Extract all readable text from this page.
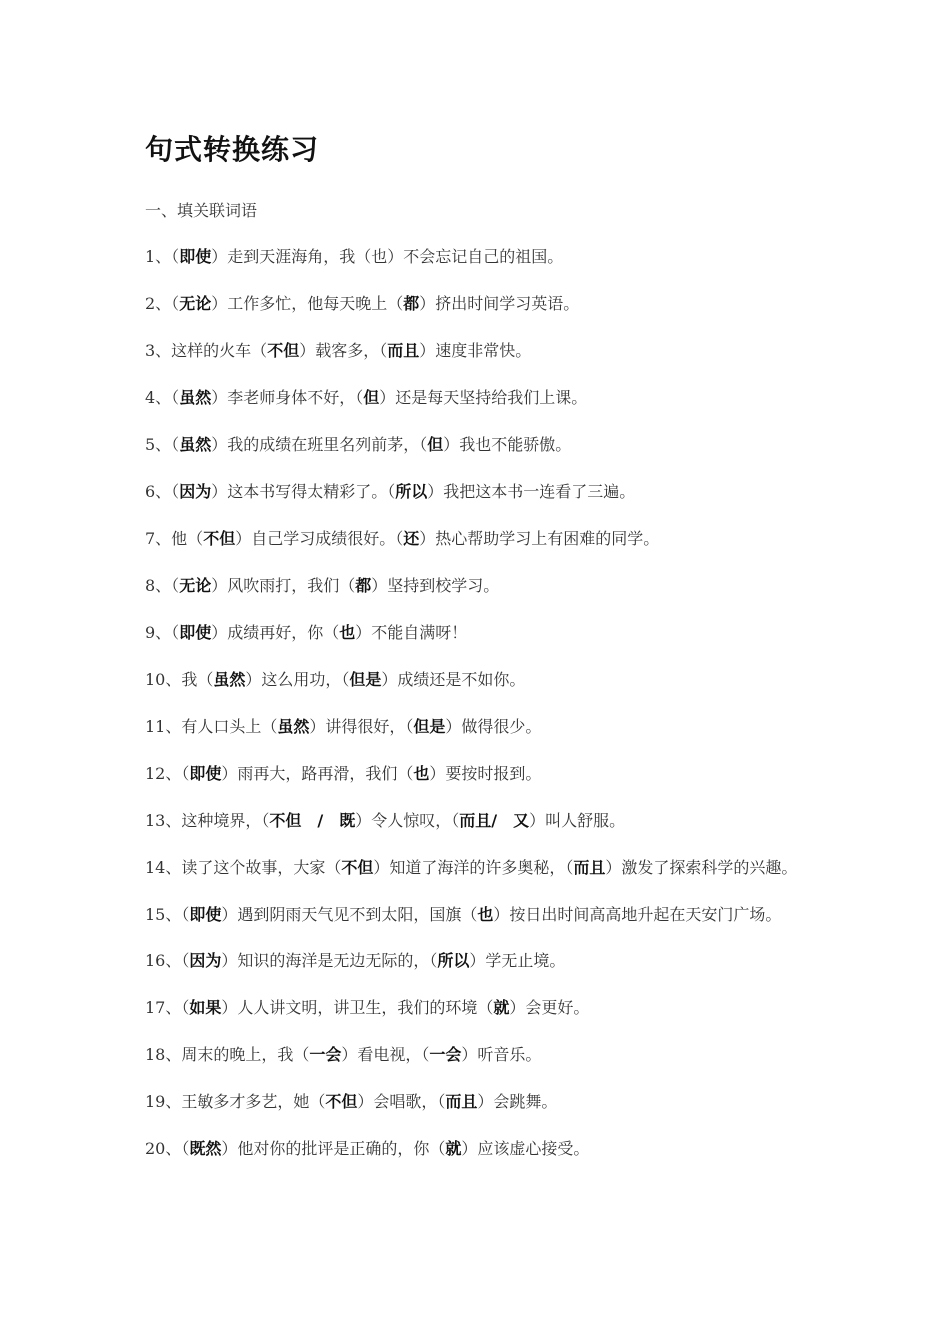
句式转换练习
一、填关联词语
1、（即使）走到天涯海角，我（也）不会忘记自己的祖国。
2、（无论）工作多忙，他每天晚上（都）挤出时间学习英语。
3、这样的火车（不但）载客多，（而且）速度非常快。
4、（虽然）李老师身体不好，（但）还是每天坚持给我们上课。
5、（虽然）我的成绩在班里名列前茅，（但）我也不能骄傲。
6、（因为）这本书写得太精彩了。（所以）我把这本书一连看了三遍。
7、他（不但）自己学习成绩很好。（还）热心帮助学习上有困难的同学。
8、（无论）风吹雨打，我们（都）坚持到校学习。
9、（即使）成绩再好，你（也）不能自满呀！
10、我（虽然）这么用功，（但是）成绩还是不如你。
11、有人口头上（虽然）讲得很好，（但是）做得很少。
12、（即使）雨再大，路再滑，我们（也）要按时报到。
13、这种境界，（不但　/　既）令人惊叹，（而且/　又）叫人舒服。
14、读了这个故事，大家（不但）知道了海洋的许多奥秘，（而且）激发了探索科学的兴趣。
15、（即使）遇到阴雨天气见不到太阳，国旗（也）按日出时间高高地升起在天安门广场。
16、（因为）知识的海洋是无边无际的，（所以）学无止境。
17、（如果）人人讲文明，讲卫生，我们的环境（就）会更好。
18、周末的晚上，我（一会）看电视，（一会）听音乐。
19、王敏多才多艺，她（不但）会唱歌，（而且）会跳舞。
20、（既然）他对你的批评是正确的，你（就）应该虚心接受。
